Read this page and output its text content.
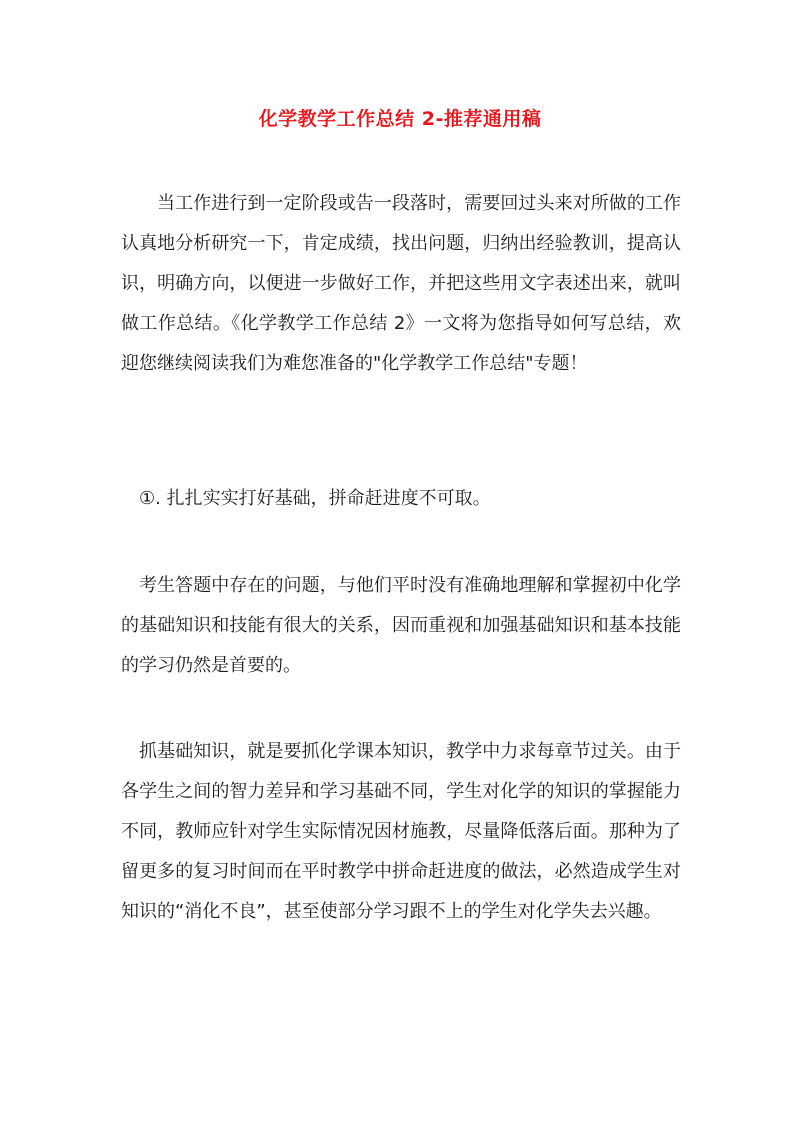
化学教学工作总结 2-推荐通用稿

当工作进行到一定阶段或告一段落时，需要回过头来对所做的工作认真地分析研究一下，肯定成绩，找出问题，归纳出经验教训，提高认识，明确方向，以便进一步做好工作，并把这些用文字表述出来，就叫做工作总结。《化学教学工作总结 2》一文将为您指导如何写总结，欢迎您继续阅读我们为难您准备的"化学教学工作总结"专题！

①. 扎扎实实打好基础，拼命赶进度不可取。

考生答题中存在的问题，与他们平时没有准确地理解和掌握初中化学的基础知识和技能有很大的关系，因而重视和加强基础知识和基本技能的学习仍然是首要的。

抓基础知识，就是要抓化学课本知识，教学中力求每章节过关。由于各学生之间的智力差异和学习基础不同，学生对化学的知识的掌握能力不同，教师应针对学生实际情况因材施教，尽量降低落后面。那种为了留更多的复习时间而在平时教学中拼命赶进度的做法，必然造成学生对知识的“消化不良”，甚至使部分学习跟不上的学生对化学失去兴趣。
